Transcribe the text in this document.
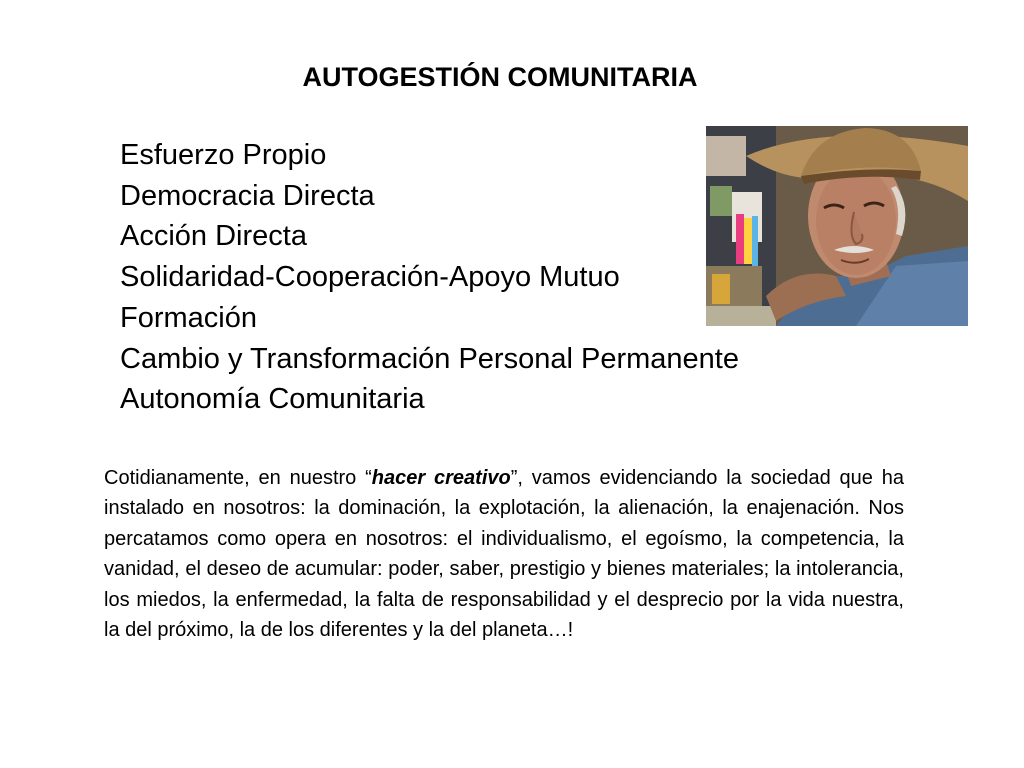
AUTOGESTIÓN COMUNITARIA
Esfuerzo Propio
Democracia Directa
Acción Directa
Solidaridad-Cooperación-Apoyo Mutuo
Formación
Cambio y Transformación Personal Permanente
Autonomía Comunitaria

Cotidianamente, en nuestro “hacer creativo”, vamos evidenciando la sociedad que ha instalado en nosotros: la dominación, la explotación, la alienación, la enajenación. Nos percatamos como opera en nosotros: el individualismo, el egoísmo, la competencia, la vanidad, el deseo de acumular: poder, saber, prestigio y bienes materiales; la intolerancia, los miedos, la enfermedad, la falta de responsabilidad y el desprecio por la vida nuestra, la del próximo, la de los diferentes y la del planeta…!
